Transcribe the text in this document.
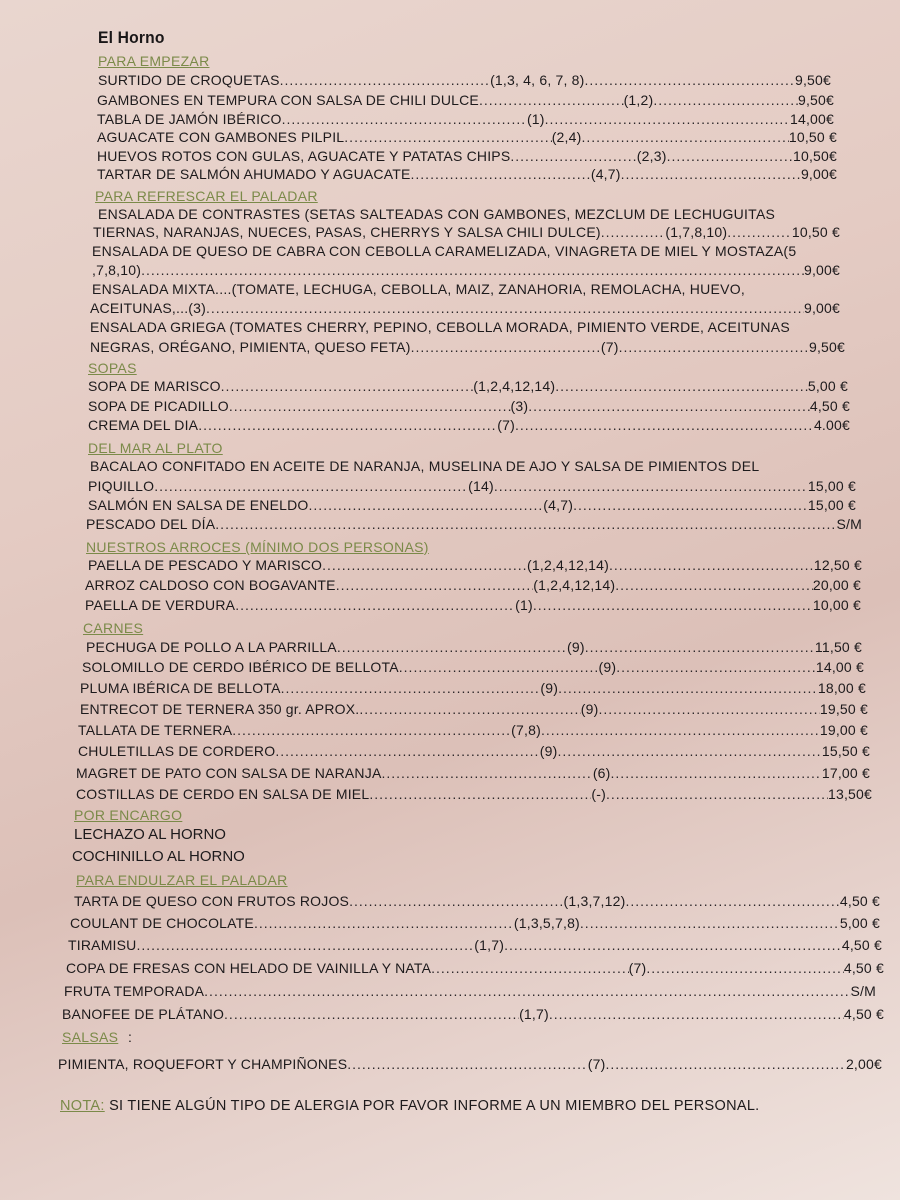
El Horno
PARA EMPEZAR
SURTIDO DE CROQUETAS .....	(1,3, 4, 6, 7, 8) .....	9,50€
GAMBONES EN TEMPURA CON SALSA DE CHILI DULCE .....	(1,2) .....	9,50€
TABLA DE JAMÓN IBÉRICO .....	(1) .....	14,00€
AGUACATE CON GAMBONES PILPIL .....	(2,4) .....	10,50 €
HUEVOS ROTOS CON GULAS, AGUACATE Y PATATAS CHIPS .....	(2,3) .....	10,50€
TARTAR DE SALMÓN AHUMADO Y AGUACATE .....	(4,7) .....	9,00€
PARA REFRESCAR EL PALADAR
ENSALADA DE CONTRASTES (SETAS SALTEADAS CON GAMBONES, MEZCLUM DE LECHUGUITAS
TIERNAS, NARANJAS, NUECES, PASAS, CHERRYS Y SALSA CHILI DULCE) .....	(1,7,8,10) .....	10,50 €
ENSALADA DE QUESO DE CABRA CON CEBOLLA CARAMELIZADA, VINAGRETA DE MIEL Y MOSTAZA(5
,7,8,10) .....	9,00€
ENSALADA MIXTA....(TOMATE, LECHUGA, CEBOLLA, MAIZ, ZANAHORIA, REMOLACHA, HUEVO,
ACEITUNAS,...(3) .....	9,00€
ENSALADA GRIEGA (TOMATES CHERRY, PEPINO, CEBOLLA MORADA, PIMIENTO VERDE, ACEITUNAS
NEGRAS, ORÉGANO, PIMIENTA, QUESO FETA) .....	(7) .....	9,50€
SOPAS
SOPA DE MARISCO .....	(1,2,4,12,14) .....	5,00 €
SOPA DE PICADILLO .....	(3) .....	4,50 €
CREMA DEL DIA .....	(7) .....	4.00€
DEL MAR AL PLATO
BACALAO CONFITADO EN ACEITE DE NARANJA, MUSELINA DE AJO Y SALSA DE PIMIENTOS DEL
PIQUILLO .....	(14) .....	15,00 €
SALMÓN EN SALSA DE ENELDO .....	(4,7) .....	15,00 €
PESCADO DEL DÍA .....	S/M
NUESTROS ARROCES (MÍNIMO DOS PERSONAS)
PAELLA DE PESCADO Y MARISCO .....	(1,2,4,12,14) .....	12,50 €
ARROZ CALDOSO CON BOGAVANTE .....	(1,2,4,12,14) .....	20,00 €
PAELLA DE VERDURA .....	(1) .....	10,00 €
CARNES
PECHUGA DE POLLO A LA PARRILLA .....	(9) .....	11,50 €
SOLOMILLO DE CERDO IBÉRICO DE BELLOTA .....	(9) .....	14,00 €
PLUMA IBÉRICA DE BELLOTA .....	(9) .....	18,00 €
ENTRECOT DE TERNERA 350 gr. APROX. .....	(9) .....	19,50 €
TALLATA DE TERNERA .....	(7,8) .....	19,00 €
CHULETILLAS DE CORDERO .....	(9) .....	15,50 €
MAGRET DE PATO CON SALSA DE NARANJA .....	(6) .....	17,00 €
COSTILLAS DE CERDO EN SALSA DE MIEL .....	(-) .....	13,50€
POR ENCARGO
LECHAZO AL HORNO
COCHINILLO AL HORNO
PARA ENDULZAR EL PALADAR
TARTA DE QUESO CON FRUTOS ROJOS .....	(1,3,7,12) .....	4,50 €
COULANT DE CHOCOLATE .....	(1,3,5,7,8) .....	5,00 €
TIRAMISU .....	(1,7) .....	4,50 €
COPA DE FRESAS CON HELADO DE VAINILLA Y NATA .....	(7) .....	4,50 €
FRUTA TEMPORADA .....	S/M
BANOFEE DE PLÁTANO .....	(1,7) .....	4,50 €
SALSAS :
PIMIENTA, ROQUEFORT Y CHAMPIÑONES .....	(7) .....	2,00€
NOTA: SI TIENE ALGÚN TIPO DE ALERGIA POR FAVOR INFORME A UN MIEMBRO DEL PERSONAL.
